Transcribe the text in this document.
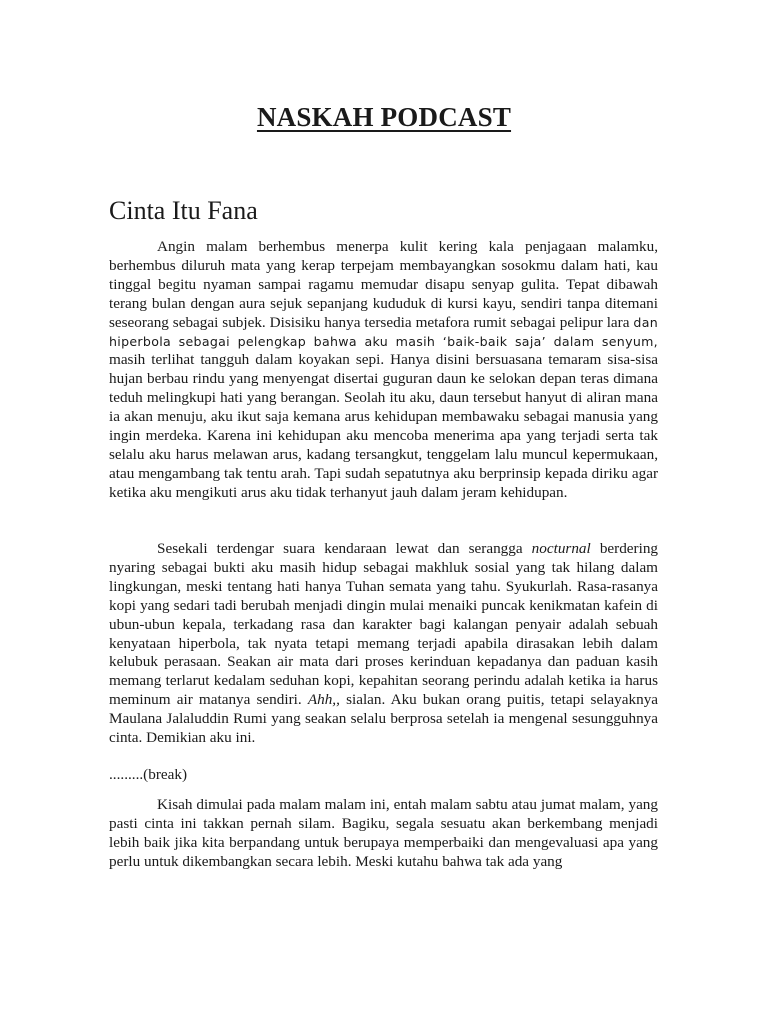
NASKAH PODCAST
Cinta Itu Fana

Angin malam berhembus menerpa kulit kering kala penjagaan malamku, berhembus diluruh mata yang kerap terpejam membayangkan sosokmu dalam hati, kau tinggal begitu nyaman sampai ragamu memudar disapu senyap gulita. Tepat dibawah terang bulan dengan aura sejuk sepanjang kududuk di kursi kayu, sendiri tanpa ditemani seseorang sebagai subjek. Disisiku hanya tersedia metafora rumit sebagai pelipur lara dan hiperbola sebagai pelengkap bahwa aku masih ‘baik-baik saja’ dalam senyum, masih terlihat tangguh dalam koyakan sepi. Hanya disini bersuasana temaram sisa-sisa hujan berbau rindu yang menyengat disertai guguran daun ke selokan depan teras dimana teduh melingkupi hati yang berangan. Seolah itu aku, daun tersebut hanyut di aliran mana ia akan menuju, aku ikut saja kemana arus kehidupan membawaku sebagai manusia yang ingin merdeka. Karena ini kehidupan aku mencoba menerima apa yang terjadi serta tak selalu aku harus melawan arus, kadang tersangkut, tenggelam lalu muncul kepermukaan, atau mengambang tak tentu arah. Tapi sudah sepatutnya aku berprinsip kepada diriku agar ketika aku mengikuti arus aku tidak terhanyut jauh dalam jeram kehidupan.

Sesekali terdengar suara kendaraan lewat dan serangga nocturnal berdering nyaring sebagai bukti aku masih hidup sebagai makhluk sosial yang tak hilang dalam lingkungan, meski tentang hati hanya Tuhan semata yang tahu. Syukurlah. Rasa-rasanya kopi yang sedari tadi berubah menjadi dingin mulai menaiki puncak kenikmatan kafein di ubun-ubun kepala, terkadang rasa dan karakter bagi kalangan penyair adalah sebuah kenyataan hiperbola, tak nyata tetapi memang terjadi apabila dirasakan lebih dalam kelubuk perasaan. Seakan air mata dari proses kerinduan kepadanya dan paduan kasih memang terlarut kedalam seduhan kopi, kepahitan seorang perindu adalah ketika ia harus meminum air matanya sendiri. Ahh,, sialan. Aku bukan orang puitis, tetapi selayaknya Maulana Jalaluddin Rumi yang seakan selalu berprosa setelah ia mengenal sesungguhnya cinta. Demikian aku ini.

.........(break)

Kisah dimulai pada malam malam ini, entah malam sabtu atau jumat malam, yang pasti cinta ini takkan pernah silam. Bagiku, segala sesuatu akan berkembang menjadi lebih baik jika kita berpandang untuk berupaya memperbaiki dan mengevaluasi apa yang perlu untuk dikembangkan secara lebih. Meski kutahu bahwa tak ada yang
